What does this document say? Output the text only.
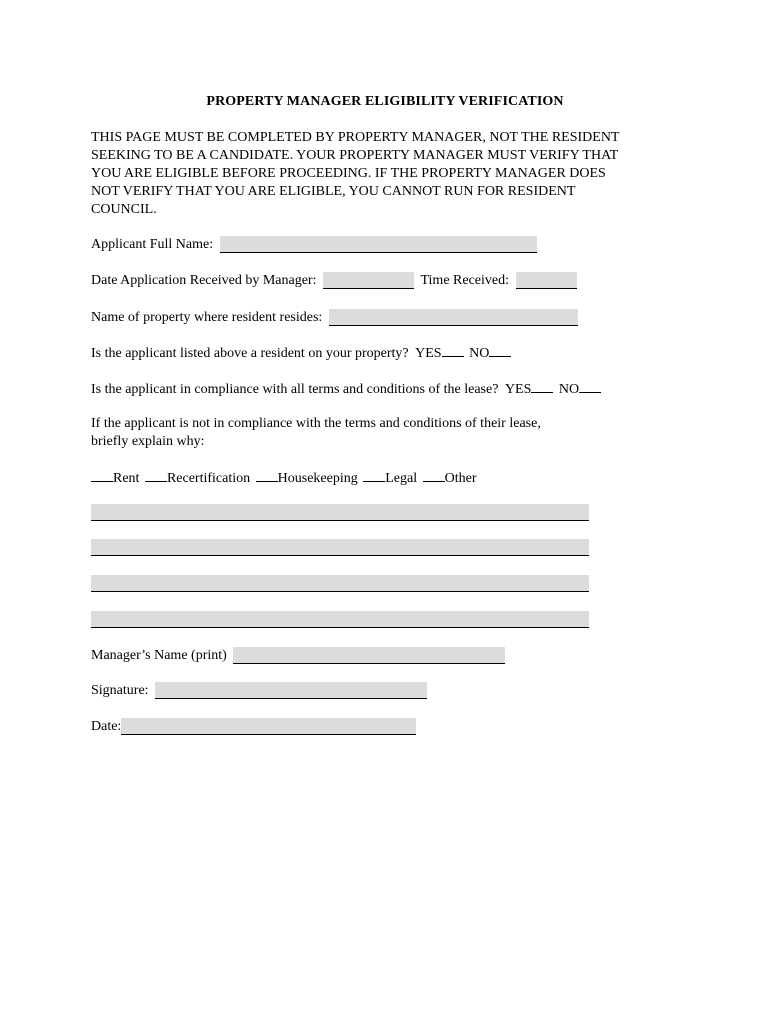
PROPERTY MANAGER ELIGIBILITY VERIFICATION

THIS PAGE MUST BE COMPLETED BY PROPERTY MANAGER, NOT THE RESIDENT
SEEKING TO BE A CANDIDATE. YOUR PROPERTY MANAGER MUST VERIFY THAT
YOU ARE ELIGIBLE BEFORE PROCEEDING. IF THE PROPERTY MANAGER DOES
NOT VERIFY THAT YOU ARE ELIGIBLE, YOU CANNOT RUN FOR RESIDENT
COUNCIL.

Applicant Full Name:
Date Application Received by Manager:	Time Received:
Name of property where resident resides:
Is the applicant listed above a resident on your property? YES NO
Is the applicant in compliance with all terms and conditions of the lease? YES NO
If the applicant is not in compliance with the terms and conditions of their lease,
briefly explain why:
Rent Recertification Housekeeping Legal Other
Manager’s Name (print)
Signature:
Date:
